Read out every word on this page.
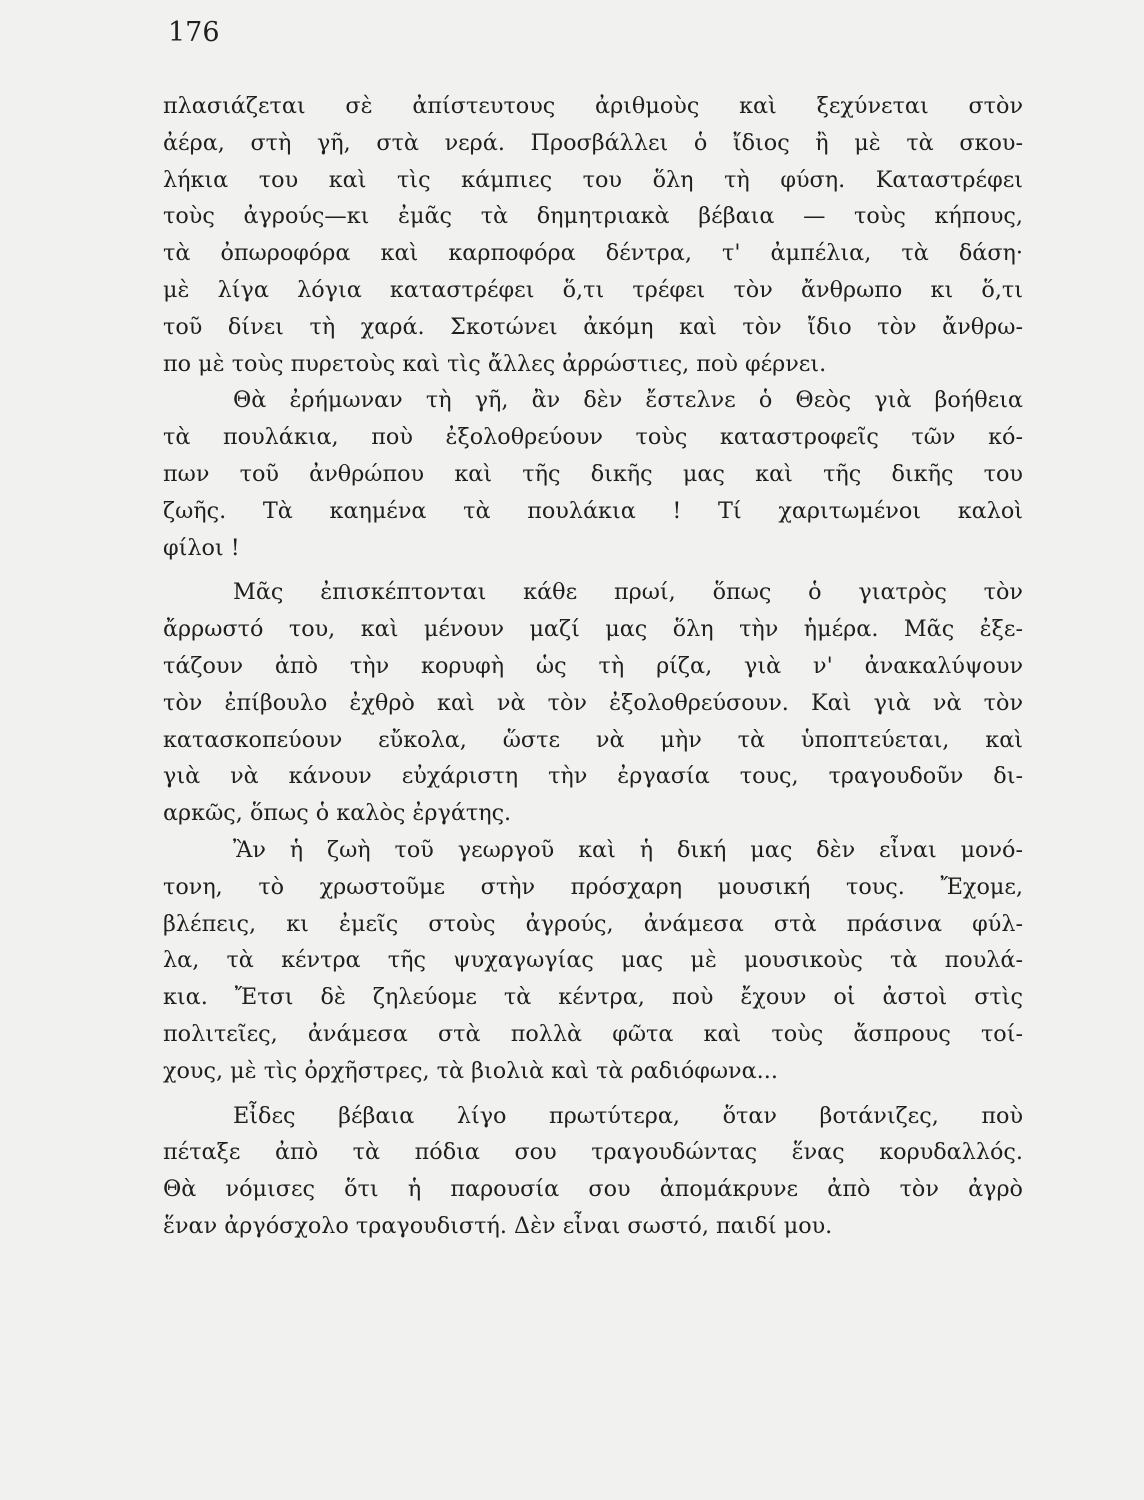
176
πλασιάζεται σὲ ἀπίστευτους ἀριθμοὺς καὶ ξεχύνεται στὸν
ἀέρα, στὴ γῆ, στὰ νερά. Προσβάλλει ὁ ἴδιος ἢ μὲ τὰ σκου-
λήκια του καὶ τὶς κάμπιες του ὅλη τὴ φύση. Καταστρέφει
τοὺς ἀγρούς—κι ἐμᾶς τὰ δημητριακὰ βέβαια — τοὺς κήπους,
τὰ ὀπωροφόρα καὶ καρποφόρα δέντρα, τ' ἀμπέλια, τὰ δάση·
μὲ λίγα λόγια καταστρέφει ὅ,τι τρέφει τὸν ἄνθρωπο κι ὅ,τι
τοῦ δίνει τὴ χαρά. Σκοτώνει ἀκόμη καὶ τὸν ἴδιο τὸν ἄνθρω-
πο μὲ τοὺς πυρετοὺς καὶ τὶς ἄλλες ἀρρώστιες, ποὺ φέρνει.
Θὰ ἐρήμωναν τὴ γῆ, ἂν δὲν ἔστελνε ὁ Θεὸς γιὰ βοήθεια
τὰ πουλάκια, ποὺ ἐξολοθρεύουν τοὺς καταστροφεῖς τῶν κό-
πων τοῦ ἀνθρώπου καὶ τῆς δικῆς μας καὶ τῆς δικῆς του
ζωῆς. Τὰ καημένα τὰ πουλάκια ! Τί χαριτωμένοι καλοὶ
φίλοι !
Μᾶς ἐπισκέπτονται κάθε πρωί, ὅπως ὁ γιατρὸς τὸν
ἄρρωστό του, καὶ μένουν μαζί μας ὅλη τὴν ἡμέρα. Μᾶς ἐξε-
τάζουν ἀπὸ τὴν κορυφὴ ὡς τὴ ρίζα, γιὰ ν' ἀνακαλύψουν
τὸν ἐπίβουλο ἐχθρὸ καὶ νὰ τὸν ἐξολοθρεύσουν. Καὶ γιὰ νὰ τὸν
κατασκοπεύουν εὔκολα, ὥστε νὰ μὴν τὰ ὑποπτεύεται, καὶ
γιὰ νὰ κάνουν εὐχάριστη τὴν ἐργασία τους, τραγουδοῦν δι-
αρκῶς, ὅπως ὁ καλὸς ἐργάτης.
Ἂν ἡ ζωὴ τοῦ γεωργοῦ καὶ ἡ δική μας δὲν εἶναι μονό-
τονη, τὸ χρωστοῦμε στὴν πρόσχαρη μουσική τους. Ἔχομε,
βλέπεις, κι ἐμεῖς στοὺς ἀγρούς, ἀνάμεσα στὰ πράσινα φύλ-
λα, τὰ κέντρα τῆς ψυχαγωγίας μας μὲ μουσικοὺς τὰ πουλά-
κια. Ἔτσι δὲ ζηλεύομε τὰ κέντρα, ποὺ ἔχουν οἱ ἀστοὶ στὶς
πολιτεῖες, ἀνάμεσα στὰ πολλὰ φῶτα καὶ τοὺς ἄσπρους τοί-
χους, μὲ τὶς ὀρχῆστρες, τὰ βιολιὰ καὶ τὰ ραδιόφωνα...
Εἶδες βέβαια λίγο πρωτύτερα, ὅταν βοτάνιζες, ποὺ
πέταξε ἀπὸ τὰ πόδια σου τραγουδώντας ἕνας κορυδαλλός.
Θὰ νόμισες ὅτι ἡ παρουσία σου ἀπομάκρυνε ἀπὸ τὸν ἀγρὸ
ἕναν ἀργόσχολο τραγουδιστή. Δὲν εἶναι σωστό, παιδί μου.
